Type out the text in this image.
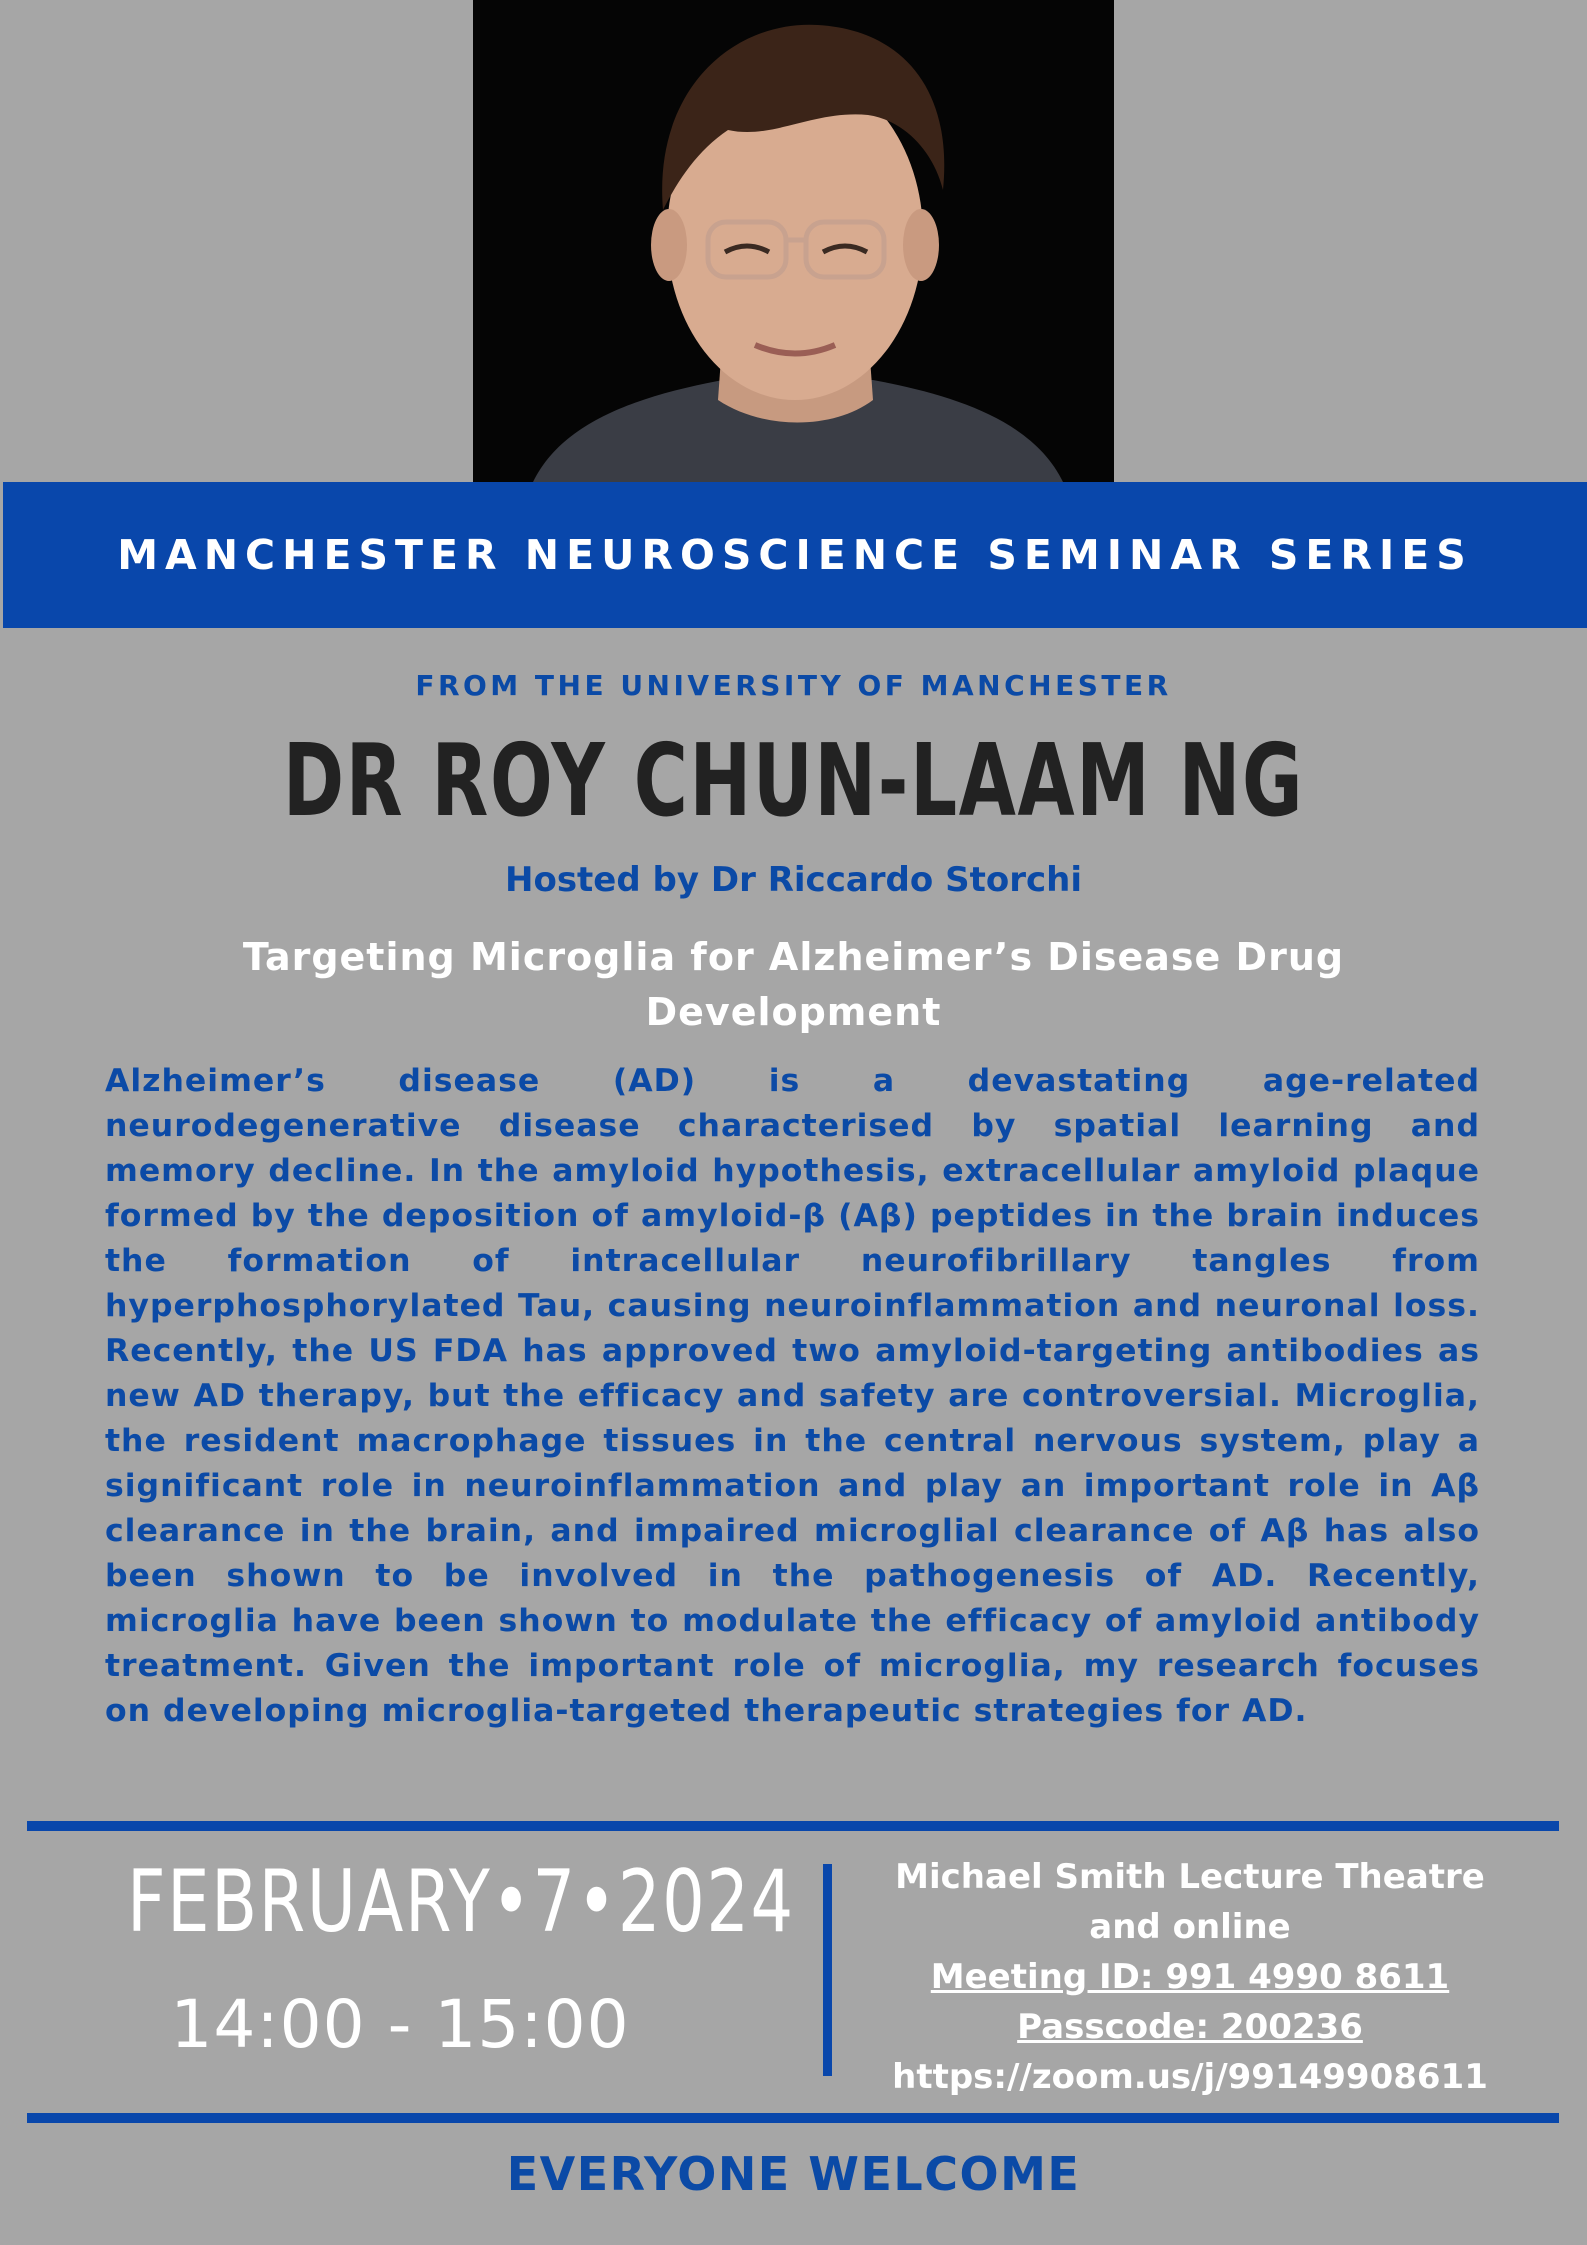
MANCHESTER NEUROSCIENCE SEMINAR SERIES
FROM THE UNIVERSITY OF MANCHESTER
DR ROY CHUN-LAAM NG
Hosted by Dr Riccardo Storchi
Targeting Microglia for Alzheimer’s Disease Drug Development

Alzheimer’s disease (AD) is a devastating age-related neurodegenerative disease characterised by spatial learning and memory decline. In the amyloid hypothesis, extracellular amyloid plaque formed by the deposition of amyloid-β (Aβ) peptides in the brain induces the formation of intracellular neurofibrillary tangles from hyperphosphorylated Tau, causing neuroinflammation and neuronal loss. Recently, the US FDA has approved two amyloid-targeting antibodies as new AD therapy, but the efficacy and safety are controversial. Microglia, the resident macrophage tissues in the central nervous system, play a significant role in neuroinflammation and play an important role in Aβ clearance in the brain, and impaired microglial clearance of Aβ has also been shown to be involved in the pathogenesis of AD. Recently, microglia have been shown to modulate the efficacy of amyloid antibody treatment. Given the important role of microglia, my research focuses on developing microglia-targeted therapeutic strategies for AD.

FEBRUARY•7•2024
14:00 - 15:00
Michael Smith Lecture Theatre
and online
Meeting ID: 991 4990 8611
Passcode: 200236
https://zoom.us/j/99149908611
EVERYONE WELCOME
